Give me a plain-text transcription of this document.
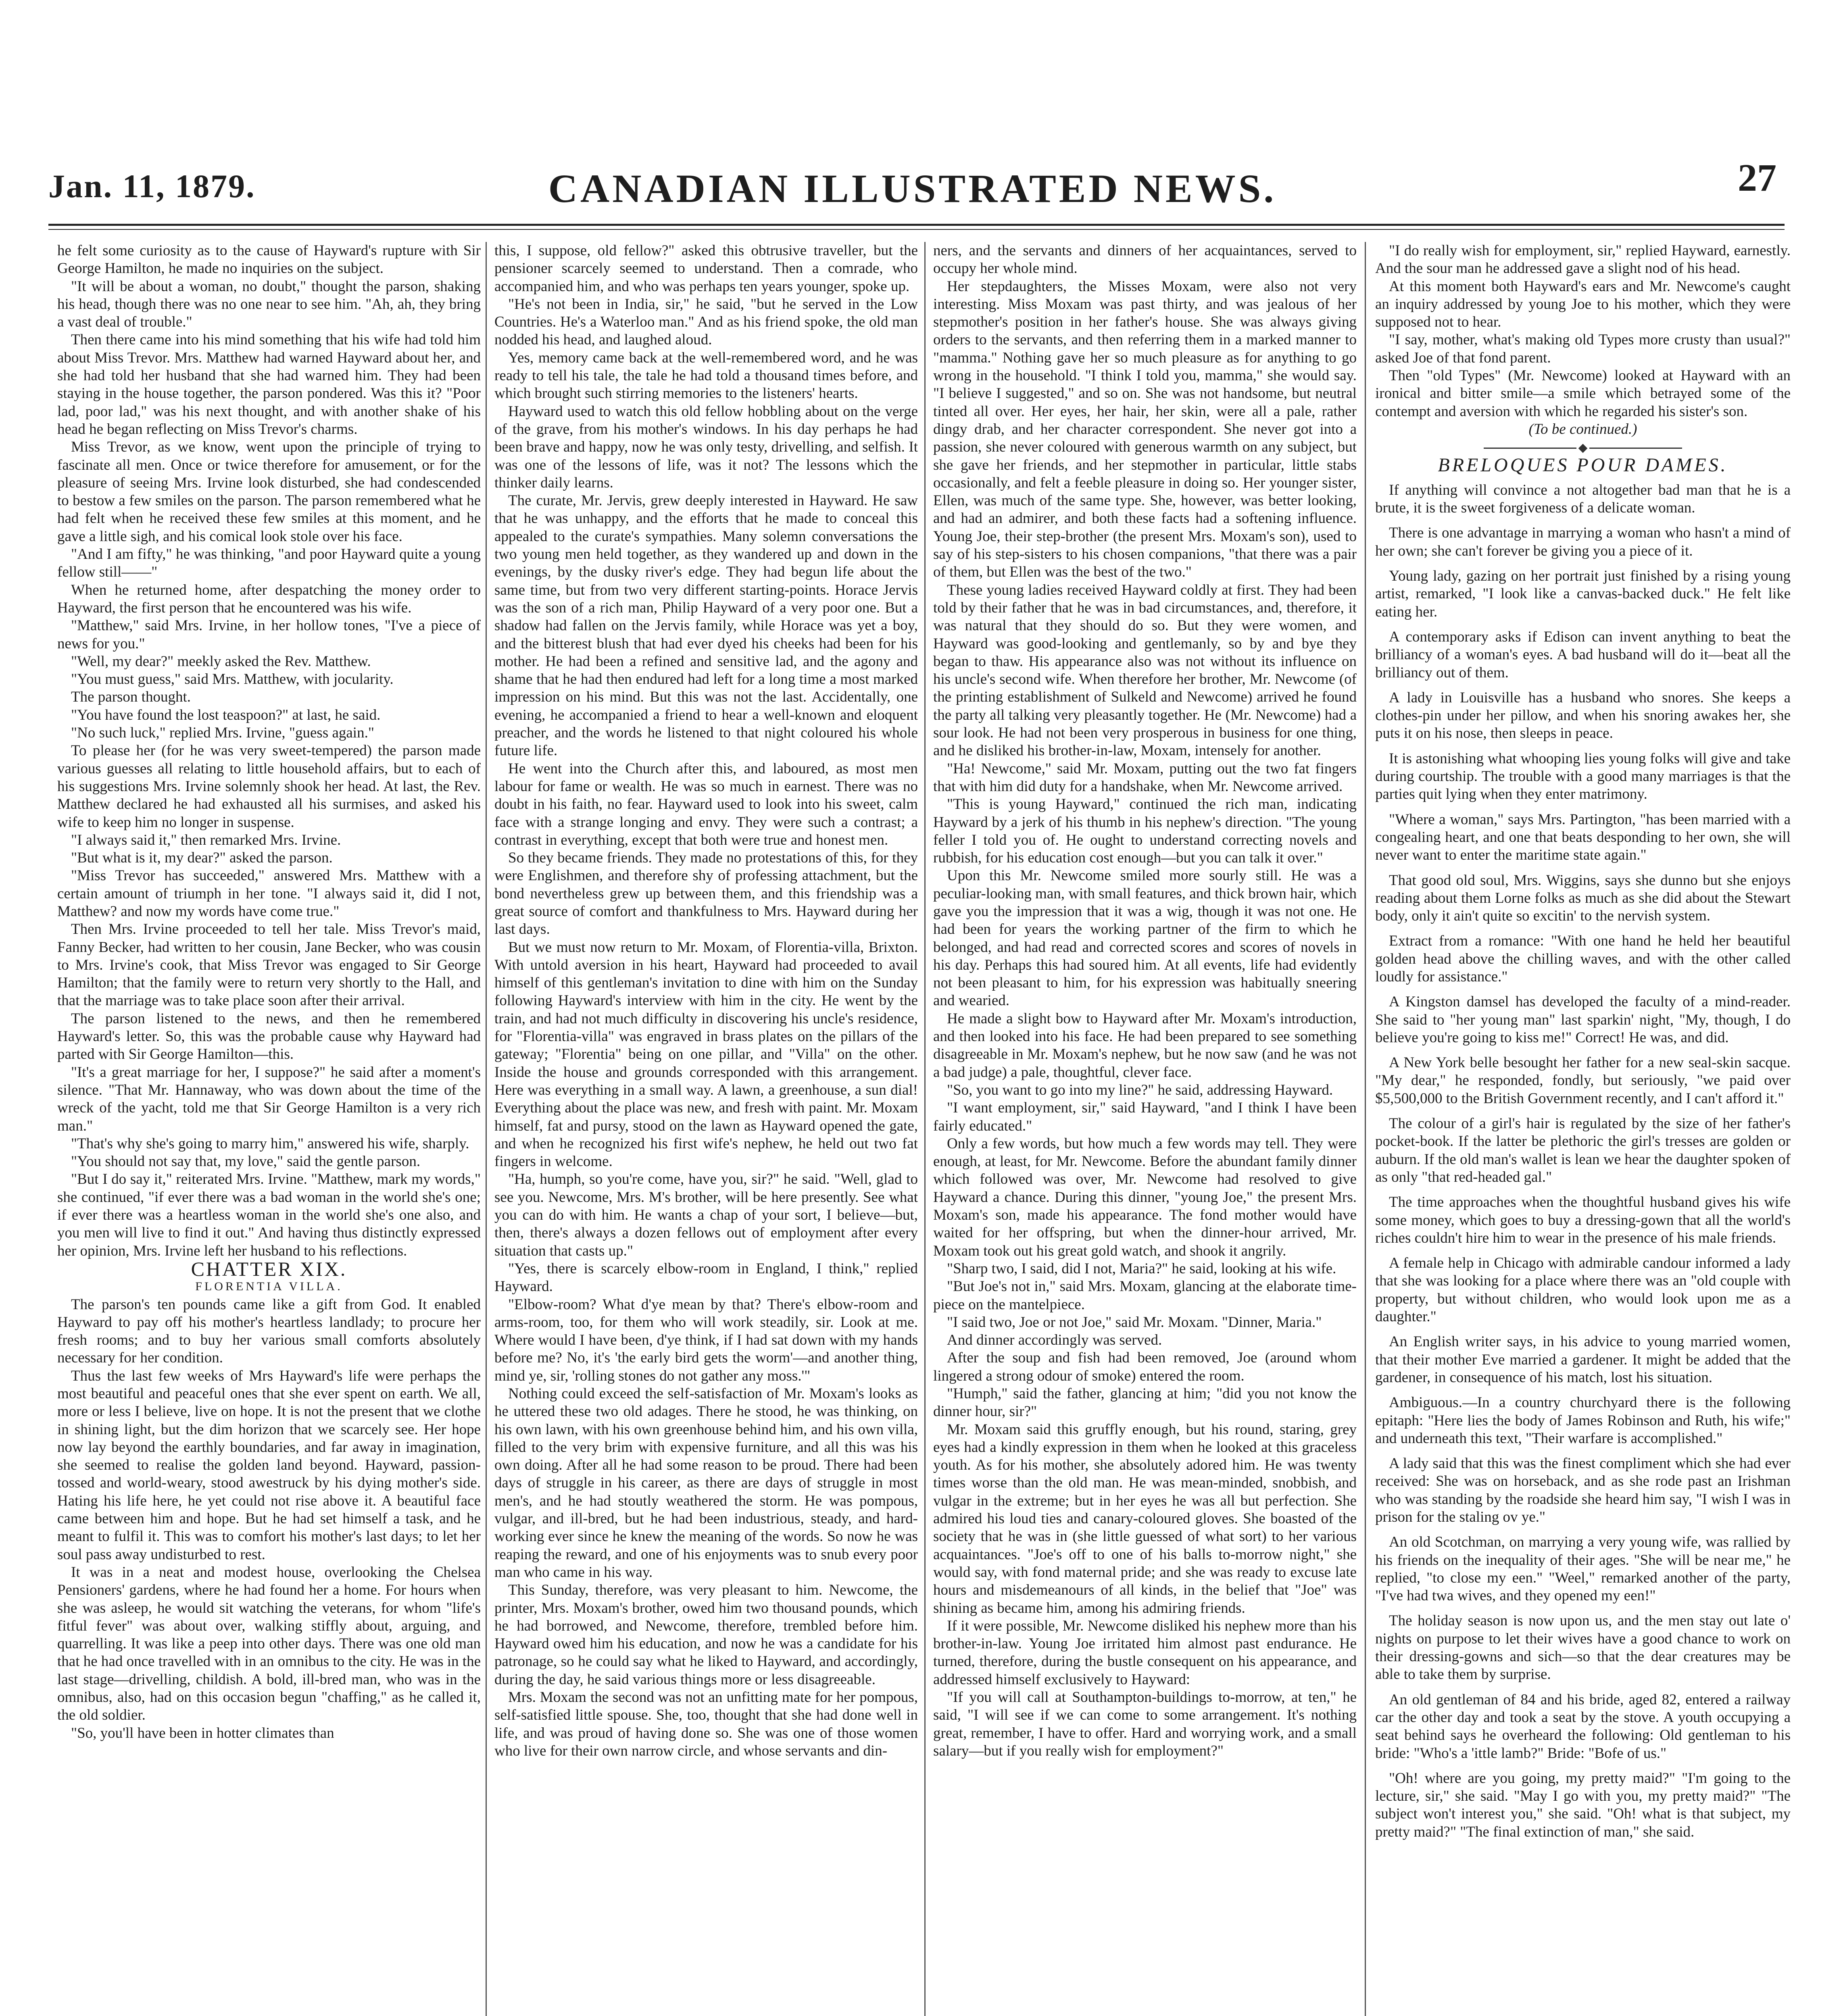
Jan. 11, 1879.	CANADIAN ILLUSTRATED NEWS.	27

he felt some curiosity as to the cause of Hayward's rupture with Sir George Hamilton, he made no inquiries on the subject.

"It will be about a woman, no doubt," thought the parson, shaking his head, though there was no one near to see him. "Ah, ah, they bring a vast deal of trouble."

Then there came into his mind something that his wife had told him about Miss Trevor. Mrs. Matthew had warned Hayward about her, and she had told her husband that she had warned him. They had been staying in the house together, the parson pondered. Was this it? "Poor lad, poor lad," was his next thought, and with another shake of his head he began reflecting on Miss Trevor's charms.

Miss Trevor, as we know, went upon the principle of trying to fascinate all men. Once or twice therefore for amusement, or for the pleasure of seeing Mrs. Irvine look disturbed, she had condescended to bestow a few smiles on the parson. The parson remembered what he had felt when he received these few smiles at this moment, and he gave a little sigh, and his comical look stole over his face.

"And I am fifty," he was thinking, "and poor Hayward quite a young fellow still——"

When he returned home, after despatching the money order to Hayward, the first person that he encountered was his wife.

"Matthew," said Mrs. Irvine, in her hollow tones, "I've a piece of news for you."

"Well, my dear?" meekly asked the Rev. Matthew.

"You must guess," said Mrs. Matthew, with jocularity.

The parson thought.

"You have found the lost teaspoon?" at last, he said.

"No such luck," replied Mrs. Irvine, "guess again."

To please her (for he was very sweet-tempered) the parson made various guesses all relating to little household affairs, but to each of his suggestions Mrs. Irvine solemnly shook her head. At last, the Rev. Matthew declared he had exhausted all his surmises, and asked his wife to keep him no longer in suspense.

"I always said it," then remarked Mrs. Irvine.

"But what is it, my dear?" asked the parson.

"Miss Trevor has succeeded," answered Mrs. Matthew with a certain amount of triumph in her tone. "I always said it, did I not, Matthew? and now my words have come true."

Then Mrs. Irvine proceeded to tell her tale. Miss Trevor's maid, Fanny Becker, had written to her cousin, Jane Becker, who was cousin to Mrs. Irvine's cook, that Miss Trevor was engaged to Sir George Hamilton; that the family were to return very shortly to the Hall, and that the marriage was to take place soon after their arrival.

The parson listened to the news, and then he remembered Hayward's letter. So, this was the probable cause why Hayward had parted with Sir George Hamilton—this.

"It's a great marriage for her, I suppose?" he said after a moment's silence. "That Mr. Hannaway, who was down about the time of the wreck of the yacht, told me that Sir George Hamilton is a very rich man."

"That's why she's going to marry him," answered his wife, sharply.

"You should not say that, my love," said the gentle parson.

"But I do say it," reiterated Mrs. Irvine. "Matthew, mark my words," she continued, "if ever there was a bad woman in the world she's one; if ever there was a heartless woman in the world she's one also, and you men will live to find it out." And having thus distinctly expressed her opinion, Mrs. Irvine left her husband to his reflections.

CHATTER XIX.

FLORENTIA VILLA.

The parson's ten pounds came like a gift from God. It enabled Hayward to pay off his mother's heartless landlady; to procure her fresh rooms; and to buy her various small comforts absolutely necessary for her condition.

Thus the last few weeks of Mrs Hayward's life were perhaps the most beautiful and peaceful ones that she ever spent on earth. We all, more or less I believe, live on hope. It is not the present that we clothe in shining light, but the dim horizon that we scarcely see. Her hope now lay beyond the earthly boundaries, and far away in imagination, she seemed to realise the golden land beyond. Hayward, passion-tossed and world-weary, stood awestruck by his dying mother's side. Hating his life here, he yet could not rise above it. A beautiful face came between him and hope. But he had set himself a task, and he meant to fulfil it. This was to comfort his mother's last days; to let her soul pass away undisturbed to rest.

It was in a neat and modest house, overlooking the Chelsea Pensioners' gardens, where he had found her a home. For hours when she was asleep, he would sit watching the veterans, for whom "life's fitful fever" was about over, walking stiffly about, arguing, and quarrelling. It was like a peep into other days. There was one old man that he had once travelled with in an omnibus to the city. He was in the last stage—drivelling, childish. A bold, ill-bred man, who was in the omnibus, also, had on this occasion begun "chaffing," as he called it, the old soldier.

"So, you'll have been in hotter climates than

this, I suppose, old fellow?" asked this obtrusive traveller, but the pensioner scarcely seemed to understand. Then a comrade, who accompanied him, and who was perhaps ten years younger, spoke up.

"He's not been in India, sir," he said, "but he served in the Low Countries. He's a Waterloo man." And as his friend spoke, the old man nodded his head, and laughed aloud.

Yes, memory came back at the well-remembered word, and he was ready to tell his tale, the tale he had told a thousand times before, and which brought such stirring memories to the listeners' hearts.

Hayward used to watch this old fellow hobbling about on the verge of the grave, from his mother's windows. In his day perhaps he had been brave and happy, now he was only testy, drivelling, and selfish. It was one of the lessons of life, was it not? The lessons which the thinker daily learns.

The curate, Mr. Jervis, grew deeply interested in Hayward. He saw that he was unhappy, and the efforts that he made to conceal this appealed to the curate's sympathies. Many solemn conversations the two young men held together, as they wandered up and down in the evenings, by the dusky river's edge. They had begun life about the same time, but from two very different starting-points. Horace Jervis was the son of a rich man, Philip Hayward of a very poor one. But a shadow had fallen on the Jervis family, while Horace was yet a boy, and the bitterest blush that had ever dyed his cheeks had been for his mother. He had been a refined and sensitive lad, and the agony and shame that he had then endured had left for a long time a most marked impression on his mind. But this was not the last. Accidentally, one evening, he accompanied a friend to hear a well-known and eloquent preacher, and the words he listened to that night coloured his whole future life.

He went into the Church after this, and laboured, as most men labour for fame or wealth. He was so much in earnest. There was no doubt in his faith, no fear. Hayward used to look into his sweet, calm face with a strange longing and envy. They were such a contrast; a contrast in everything, except that both were true and honest men.

So they became friends. They made no protestations of this, for they were Englishmen, and therefore shy of professing attachment, but the bond nevertheless grew up between them, and this friendship was a great source of comfort and thankfulness to Mrs. Hayward during her last days.

But we must now return to Mr. Moxam, of Florentia-villa, Brixton. With untold aversion in his heart, Hayward had proceeded to avail himself of this gentleman's invitation to dine with him on the Sunday following Hayward's interview with him in the city. He went by the train, and had not much difficulty in discovering his uncle's residence, for "Florentia-villa" was engraved in brass plates on the pillars of the gateway; "Florentia" being on one pillar, and "Villa" on the other. Inside the house and grounds corresponded with this arrangement. Here was everything in a small way. A lawn, a greenhouse, a sun dial! Everything about the place was new, and fresh with paint. Mr. Moxam himself, fat and pursy, stood on the lawn as Hayward opened the gate, and when he recognized his first wife's nephew, he held out two fat fingers in welcome.

"Ha, humph, so you're come, have you, sir?" he said. "Well, glad to see you. Newcome, Mrs. M's brother, will be here presently. See what you can do with him. He wants a chap of your sort, I believe—but, then, there's always a dozen fellows out of employment after every situation that casts up."

"Yes, there is scarcely elbow-room in England, I think," replied Hayward.

"Elbow-room? What d'ye mean by that? There's elbow-room and arms-room, too, for them who will work steadily, sir. Look at me. Where would I have been, d'ye think, if I had sat down with my hands before me? No, it's 'the early bird gets the worm'—and another thing, mind ye, sir, 'rolling stones do not gather any moss.'"

Nothing could exceed the self-satisfaction of Mr. Moxam's looks as he uttered these two old adages. There he stood, he was thinking, on his own lawn, with his own greenhouse behind him, and his own villa, filled to the very brim with expensive furniture, and all this was his own doing. After all he had some reason to be proud. There had been days of struggle in his career, as there are days of struggle in most men's, and he had stoutly weathered the storm. He was pompous, vulgar, and ill-bred, but he had been industrious, steady, and hard-working ever since he knew the meaning of the words. So now he was reaping the reward, and one of his enjoyments was to snub every poor man who came in his way.

This Sunday, therefore, was very pleasant to him. Newcome, the printer, Mrs. Moxam's brother, owed him two thousand pounds, which he had borrowed, and Newcome, therefore, trembled before him. Hayward owed him his education, and now he was a candidate for his patronage, so he could say what he liked to Hayward, and accordingly, during the day, he said various things more or less disagreeable.

Mrs. Moxam the second was not an unfitting mate for her pompous, self-satisfied little spouse. She, too, thought that she had done well in life, and was proud of having done so. She was one of those women who live for their own narrow circle, and whose servants and din-

ners, and the servants and dinners of her acquaintances, served to occupy her whole mind.

Her stepdaughters, the Misses Moxam, were also not very interesting. Miss Moxam was past thirty, and was jealous of her stepmother's position in her father's house. She was always giving orders to the servants, and then referring them in a marked manner to "mamma." Nothing gave her so much pleasure as for anything to go wrong in the household. "I think I told you, mamma," she would say. "I believe I suggested," and so on. She was not handsome, but neutral tinted all over. Her eyes, her hair, her skin, were all a pale, rather dingy drab, and her character correspondent. She never got into a passion, she never coloured with generous warmth on any subject, but she gave her friends, and her stepmother in particular, little stabs occasionally, and felt a feeble pleasure in doing so. Her younger sister, Ellen, was much of the same type. She, however, was better looking, and had an admirer, and both these facts had a softening influence. Young Joe, their step-brother (the present Mrs. Moxam's son), used to say of his step-sisters to his chosen companions, "that there was a pair of them, but Ellen was the best of the two."

These young ladies received Hayward coldly at first. They had been told by their father that he was in bad circumstances, and, therefore, it was natural that they should do so. But they were women, and Hayward was good-looking and gentlemanly, so by and bye they began to thaw. His appearance also was not without its influence on his uncle's second wife. When therefore her brother, Mr. Newcome (of the printing establishment of Sulkeld and Newcome) arrived he found the party all talking very pleasantly together. He (Mr. Newcome) had a sour look. He had not been very prosperous in business for one thing, and he disliked his brother-in-law, Moxam, intensely for another.

"Ha! Newcome," said Mr. Moxam, putting out the two fat fingers that with him did duty for a handshake, when Mr. Newcome arrived.

"This is young Hayward," continued the rich man, indicating Hayward by a jerk of his thumb in his nephew's direction. "The young feller I told you of. He ought to understand correcting novels and rubbish, for his education cost enough—but you can talk it over."

Upon this Mr. Newcome smiled more sourly still. He was a peculiar-looking man, with small features, and thick brown hair, which gave you the impression that it was a wig, though it was not one. He had been for years the working partner of the firm to which he belonged, and had read and corrected scores and scores of novels in his day. Perhaps this had soured him. At all events, life had evidently not been pleasant to him, for his expression was habitually sneering and wearied.

He made a slight bow to Hayward after Mr. Moxam's introduction, and then looked into his face. He had been prepared to see something disagreeable in Mr. Moxam's nephew, but he now saw (and he was not a bad judge) a pale, thoughtful, clever face.

"So, you want to go into my line?" he said, addressing Hayward.

"I want employment, sir," said Hayward, "and I think I have been fairly educated."

Only a few words, but how much a few words may tell. They were enough, at least, for Mr. Newcome. Before the abundant family dinner which followed was over, Mr. Newcome had resolved to give Hayward a chance. During this dinner, "young Joe," the present Mrs. Moxam's son, made his appearance. The fond mother would have waited for her offspring, but when the dinner-hour arrived, Mr. Moxam took out his great gold watch, and shook it angrily.

"Sharp two, I said, did I not, Maria?" he said, looking at his wife.

"But Joe's not in," said Mrs. Moxam, glancing at the elaborate time-piece on the mantelpiece.

"I said two, Joe or not Joe," said Mr. Moxam. "Dinner, Maria."

And dinner accordingly was served.

After the soup and fish had been removed, Joe (around whom lingered a strong odour of smoke) entered the room.

"Humph," said the father, glancing at him; "did you not know the dinner hour, sir?"

Mr. Moxam said this gruffly enough, but his round, staring, grey eyes had a kindly expression in them when he looked at this graceless youth. As for his mother, she absolutely adored him. He was twenty times worse than the old man. He was mean-minded, snobbish, and vulgar in the extreme; but in her eyes he was all but perfection. She admired his loud ties and canary-coloured gloves. She boasted of the society that he was in (she little guessed of what sort) to her various acquaintances. "Joe's off to one of his balls to-morrow night," she would say, with fond maternal pride; and she was ready to excuse late hours and misdemeanours of all kinds, in the belief that "Joe" was shining as became him, among his admiring friends.

If it were possible, Mr. Newcome disliked his nephew more than his brother-in-law. Young Joe irritated him almost past endurance. He turned, therefore, during the bustle consequent on his appearance, and addressed himself exclusively to Hayward:

"If you will call at Southampton-buildings to-morrow, at ten," he said, "I will see if we can come to some arrangement. It's nothing great, remember, I have to offer. Hard and worrying work, and a small salary—but if you really wish for employment?"

"I do really wish for employment, sir," replied Hayward, earnestly. And the sour man he addressed gave a slight nod of his head.

At this moment both Hayward's ears and Mr. Newcome's caught an inquiry addressed by young Joe to his mother, which they were supposed not to hear.

"I say, mother, what's making old Types more crusty than usual?" asked Joe of that fond parent.

Then "old Types" (Mr. Newcome) looked at Hayward with an ironical and bitter smile—a smile which betrayed some of the contempt and aversion with which he regarded his sister's son.

(To be continued.)

BRELOQUES POUR DAMES.

If anything will convince a not altogether bad man that he is a brute, it is the sweet forgiveness of a delicate woman.

There is one advantage in marrying a woman who hasn't a mind of her own; she can't forever be giving you a piece of it.

Young lady, gazing on her portrait just finished by a rising young artist, remarked, "I look like a canvas-backed duck." He felt like eating her.

A contemporary asks if Edison can invent anything to beat the brilliancy of a woman's eyes. A bad husband will do it—beat all the brilliancy out of them.

A lady in Louisville has a husband who snores. She keeps a clothes-pin under her pillow, and when his snoring awakes her, she puts it on his nose, then sleeps in peace.

It is astonishing what whooping lies young folks will give and take during courtship. The trouble with a good many marriages is that the parties quit lying when they enter matrimony.

"Where a woman," says Mrs. Partington, "has been married with a congealing heart, and one that beats desponding to her own, she will never want to enter the maritime state again."

That good old soul, Mrs. Wiggins, says she dunno but she enjoys reading about them Lorne folks as much as she did about the Stewart body, only it ain't quite so excitin' to the nervish system.

Extract from a romance: "With one hand he held her beautiful golden head above the chilling waves, and with the other called loudly for assistance."

A Kingston damsel has developed the faculty of a mind-reader. She said to "her young man" last sparkin' night, "My, though, I do believe you're going to kiss me!" Correct! He was, and did.

A New York belle besought her father for a new seal-skin sacque. "My dear," he responded, fondly, but seriously, "we paid over $5,500,000 to the British Government recently, and I can't afford it."

The colour of a girl's hair is regulated by the size of her father's pocket-book. If the latter be plethoric the girl's tresses are golden or auburn. If the old man's wallet is lean we hear the daughter spoken of as only "that red-headed gal."

The time approaches when the thoughtful husband gives his wife some money, which goes to buy a dressing-gown that all the world's riches couldn't hire him to wear in the presence of his male friends.

A female help in Chicago with admirable candour informed a lady that she was looking for a place where there was an "old couple with property, but without children, who would look upon me as a daughter."

An English writer says, in his advice to young married women, that their mother Eve married a gardener. It might be added that the gardener, in consequence of his match, lost his situation.

Ambiguous.—In a country churchyard there is the following epitaph: "Here lies the body of James Robinson and Ruth, his wife;" and underneath this text, "Their warfare is accomplished."

A lady said that this was the finest compliment which she had ever received: She was on horseback, and as she rode past an Irishman who was standing by the roadside she heard him say, "I wish I was in prison for the staling ov ye."

An old Scotchman, on marrying a very young wife, was rallied by his friends on the inequality of their ages. "She will be near me," he replied, "to close my een." "Weel," remarked another of the party, "I've had twa wives, and they opened my een!"

The holiday season is now upon us, and the men stay out late o' nights on purpose to let their wives have a good chance to work on their dressing-gowns and sich—so that the dear creatures may be able to take them by surprise.

An old gentleman of 84 and his bride, aged 82, entered a railway car the other day and took a seat by the stove. A youth occupying a seat behind says he overheard the following: Old gentleman to his bride: "Who's a 'ittle lamb?" Bride: "Bofe of us."

"Oh! where are you going, my pretty maid?" "I'm going to the lecture, sir," she said. "May I go with you, my pretty maid?" "The subject won't interest you," she said. "Oh! what is that subject, my pretty maid?" "The final extinction of man," she said.
